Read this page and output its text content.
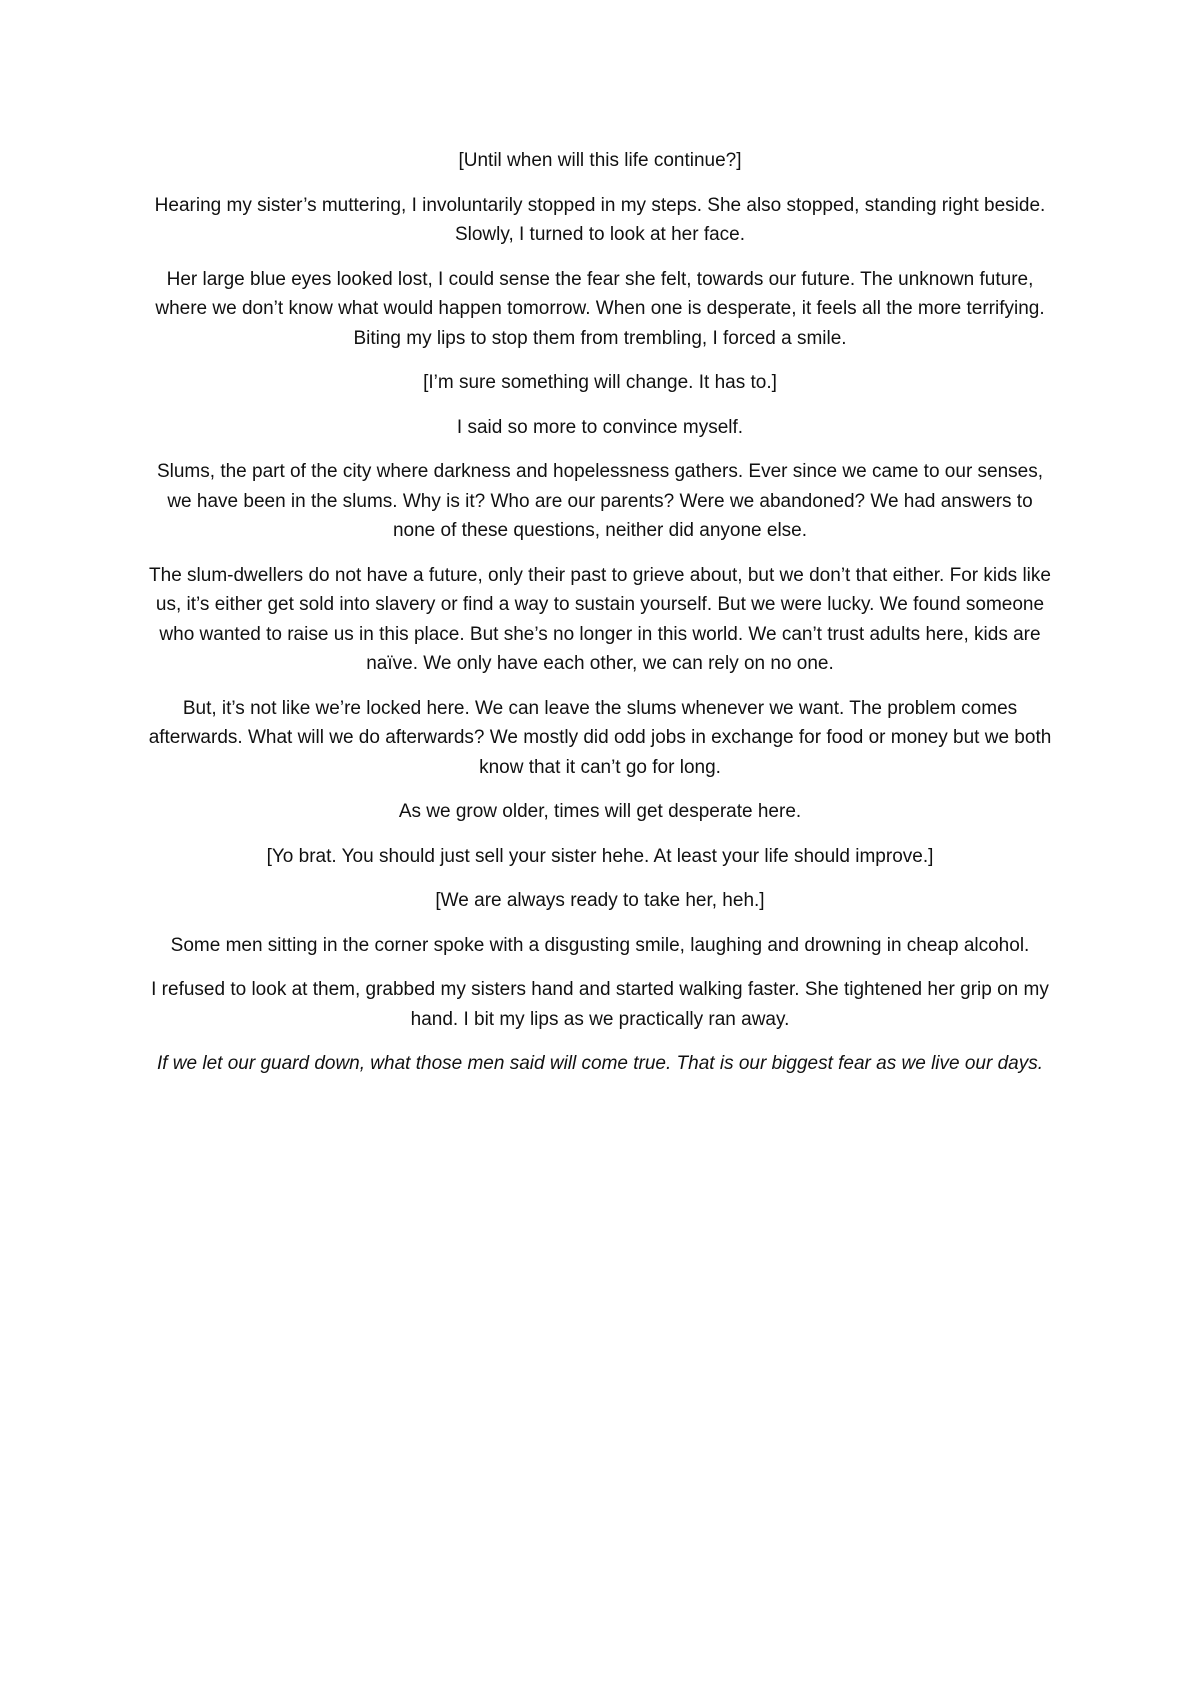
[Until when will this life continue?]

Hearing my sister’s muttering, I involuntarily stopped in my steps. She also stopped, standing right beside. Slowly, I turned to look at her face.

Her large blue eyes looked lost, I could sense the fear she felt, towards our future. The unknown future, where we don’t know what would happen tomorrow. When one is desperate, it feels all the more terrifying. Biting my lips to stop them from trembling, I forced a smile.

[I’m sure something will change. It has to.]

I said so more to convince myself.

Slums, the part of the city where darkness and hopelessness gathers. Ever since we came to our senses, we have been in the slums. Why is it? Who are our parents? Were we abandoned? We had answers to none of these questions, neither did anyone else.

The slum-dwellers do not have a future, only their past to grieve about, but we don’t that either. For kids like us, it’s either get sold into slavery or find a way to sustain yourself. But we were lucky. We found someone who wanted to raise us in this place. But she’s no longer in this world. We can’t trust adults here, kids are naïve. We only have each other, we can rely on no one.

But, it’s not like we’re locked here. We can leave the slums whenever we want. The problem comes afterwards. What will we do afterwards? We mostly did odd jobs in exchange for food or money but we both know that it can’t go for long.

As we grow older, times will get desperate here.

[Yo brat. You should just sell your sister hehe. At least your life should improve.]

[We are always ready to take her, heh.]

Some men sitting in the corner spoke with a disgusting smile, laughing and drowning in cheap alcohol.

I refused to look at them, grabbed my sisters hand and started walking faster. She tightened her grip on my hand. I bit my lips as we practically ran away.

If we let our guard down, what those men said will come true. That is our biggest fear as we live our days.
